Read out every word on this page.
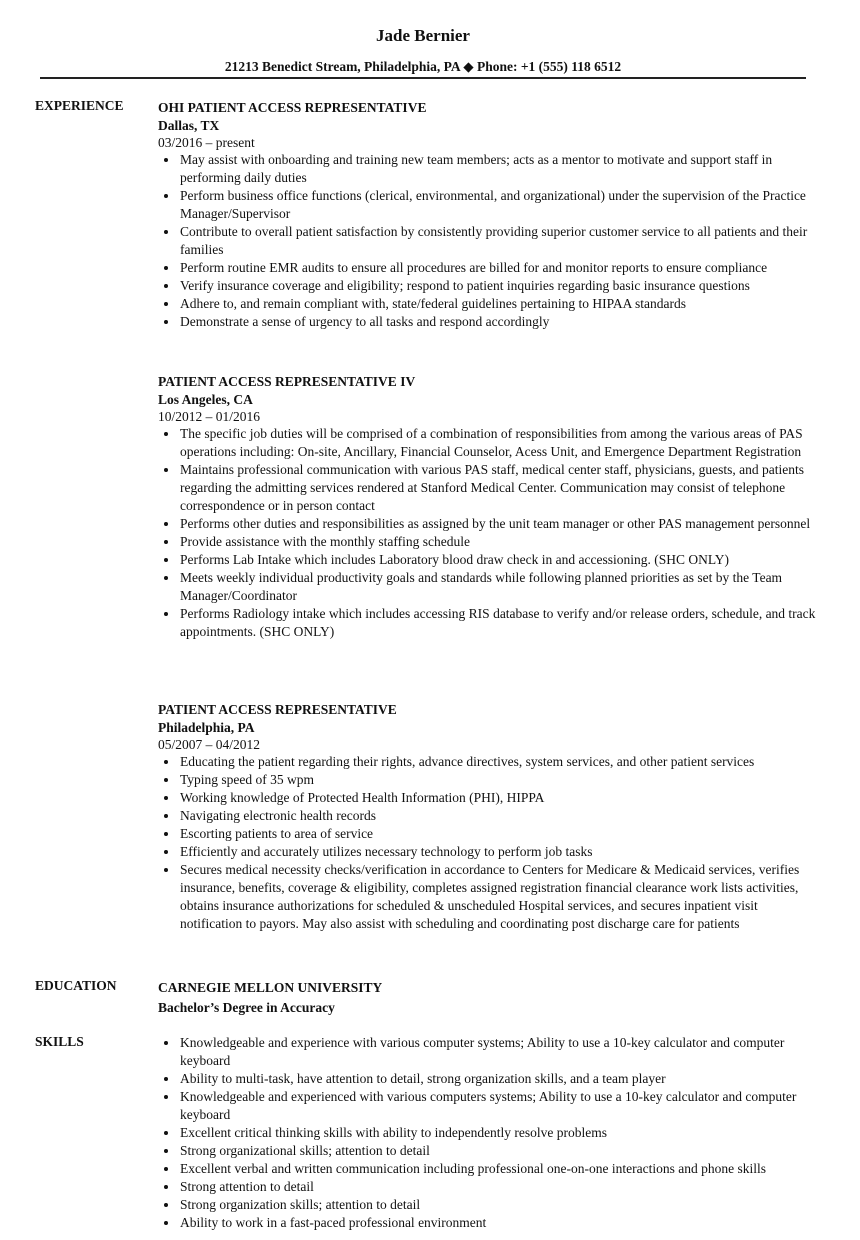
Jade Bernier
21213 Benedict Stream, Philadelphia, PA ◆ Phone: +1 (555) 118 6512
EXPERIENCE	OHI PATIENT ACCESS REPRESENTATIVE
Dallas, TX
03/2016 – present
May assist with onboarding and training new team members; acts as a mentor to motivate and support staff in performing daily duties
Perform business office functions (clerical, environmental, and organizational) under the supervision of the Practice Manager/Supervisor
Contribute to overall patient satisfaction by consistently providing superior customer service to all patients and their families
Perform routine EMR audits to ensure all procedures are billed for and monitor reports to ensure compliance
Verify insurance coverage and eligibility; respond to patient inquiries regarding basic insurance questions
Adhere to, and remain compliant with, state/federal guidelines pertaining to HIPAA standards
Demonstrate a sense of urgency to all tasks and respond accordingly
PATIENT ACCESS REPRESENTATIVE IV
Los Angeles, CA
10/2012 – 01/2016
The specific job duties will be comprised of a combination of responsibilities from among the various areas of PAS operations including: On-site, Ancillary, Financial Counselor, Acess Unit, and Emergence Department Registration
Maintains professional communication with various PAS staff, medical center staff, physicians, guests, and patients regarding the admitting services rendered at Stanford Medical Center. Communication may consist of telephone correspondence or in person contact
Performs other duties and responsibilities as assigned by the unit team manager or other PAS management personnel
Provide assistance with the monthly staffing schedule
Performs Lab Intake which includes Laboratory blood draw check in and accessioning. (SHC ONLY)
Meets weekly individual productivity goals and standards while following planned priorities as set by the Team Manager/Coordinator
Performs Radiology intake which includes accessing RIS database to verify and/or release orders, schedule, and track appointments. (SHC ONLY)
PATIENT ACCESS REPRESENTATIVE
Philadelphia, PA
05/2007 – 04/2012
Educating the patient regarding their rights, advance directives, system services, and other patient services
Typing speed of 35 wpm
Working knowledge of Protected Health Information (PHI), HIPPA
Navigating electronic health records
Escorting patients to area of service
Efficiently and accurately utilizes necessary technology to perform job tasks
Secures medical necessity checks/verification in accordance to Centers for Medicare & Medicaid services, verifies insurance, benefits, coverage & eligibility, completes assigned registration financial clearance work lists activities, obtains insurance authorizations for scheduled & unscheduled Hospital services, and secures inpatient visit notification to payors. May also assist with scheduling and coordinating post discharge care for patients
EDUCATION	CARNEGIE MELLON UNIVERSITY
Bachelor’s Degree in Accuracy
SKILLS	Knowledgeable and experience with various computer systems; Ability to use a 10-key calculator and computer keyboard
Ability to multi-task, have attention to detail, strong organization skills, and a team player
Knowledgeable and experienced with various computers systems; Ability to use a 10-key calculator and computer keyboard
Excellent critical thinking skills with ability to independently resolve problems
Strong organizational skills; attention to detail
Excellent verbal and written communication including professional one-on-one interactions and phone skills
Strong attention to detail
Strong organization skills; attention to detail
Ability to work in a fast-paced professional environment
